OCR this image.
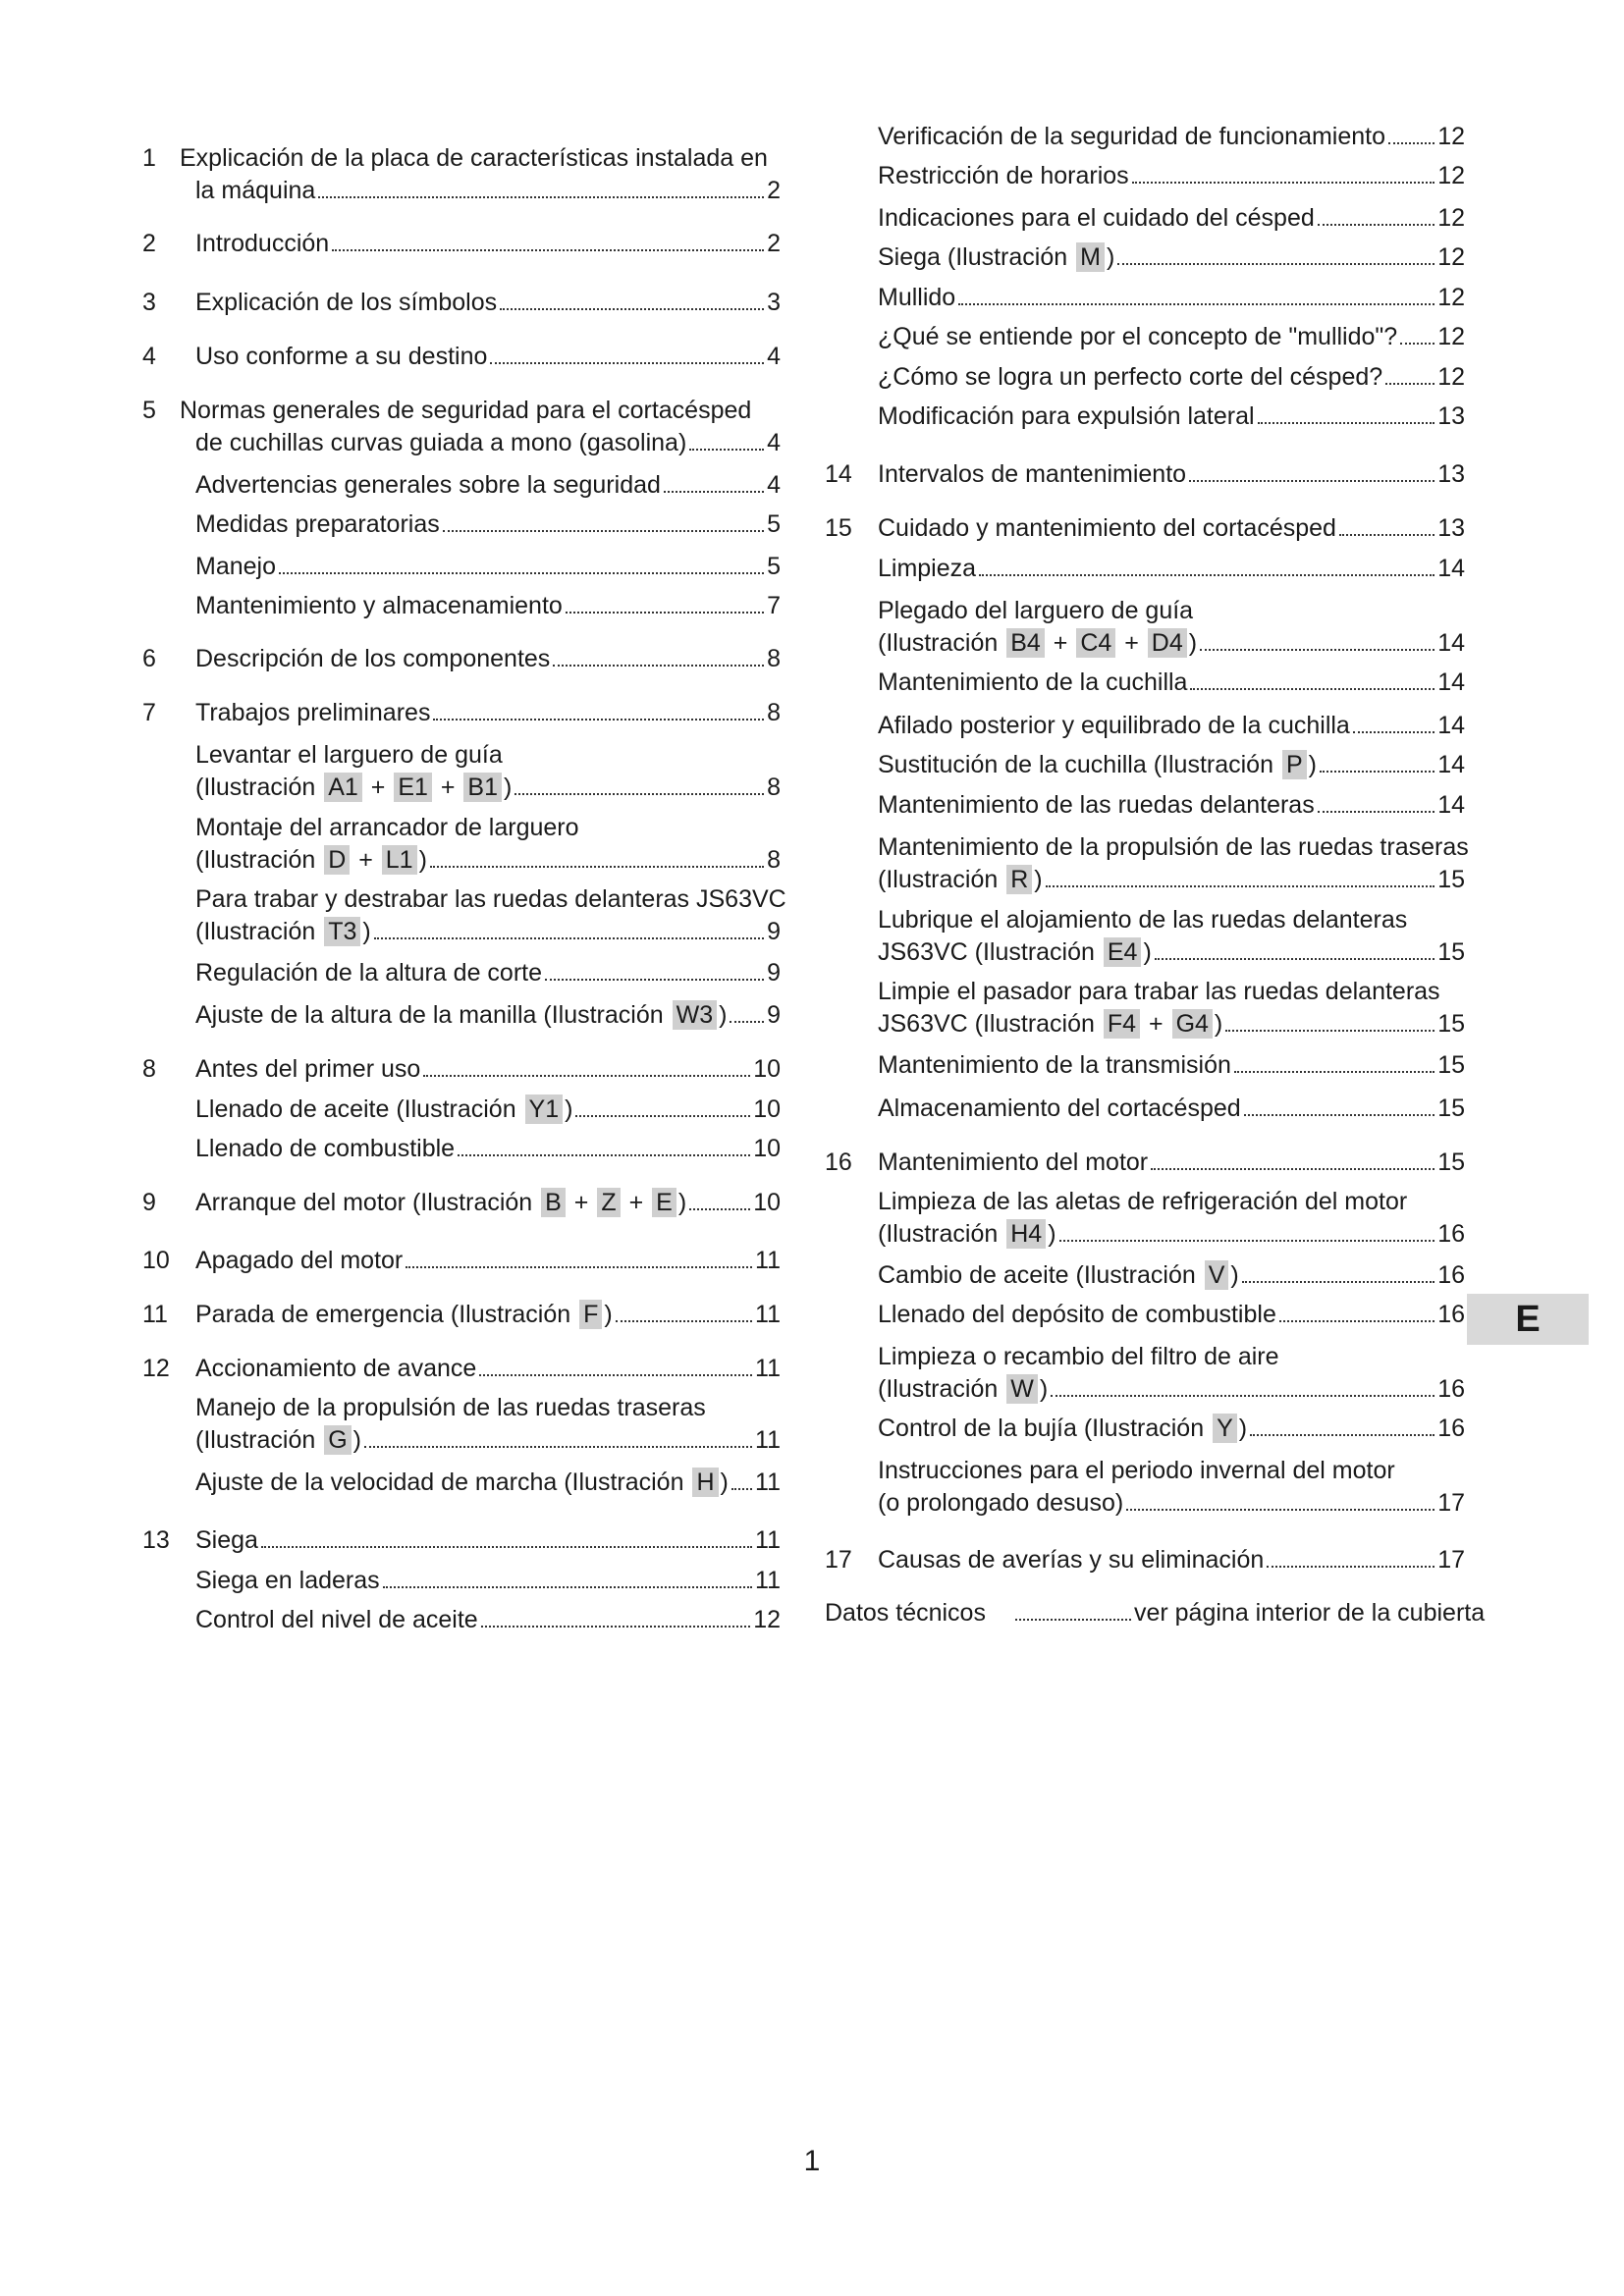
1 Explicación de la placa de características instalada en
la máquina	2
2 Introducción	2
3 Explicación de los símbolos	3
4 Uso conforme a su destino	4
5 Normas generales de seguridad para el cortacésped
de cuchillas curvas guiada a mono (gasolina)	4
Advertencias generales sobre la seguridad	4
Medidas preparatorias	5
Manejo	5
Mantenimiento y almacenamiento	7
6 Descripción de los componentes	8
7 Trabajos preliminares	8
Levantar el larguero de guía
(Ilustración A1 + E1 + B1 )	8
Montaje del arrancador de larguero
(Ilustración D + L1 )	8
Para trabar y destrabar las ruedas delanteras JS63VC
(Ilustración T3 )	9
Regulación de la altura de corte	9
Ajuste de la altura de la manilla (Ilustración W3 ) 9
8 Antes del primer uso	10
Llenado de aceite (Ilustración Y1 )	10
Llenado de combustible	10
9 Arranque del motor (Ilustración B + Z + E )	10
10 Apagado del motor	11
11 Parada de emergencia (Ilustración F )	11
12 Accionamiento de avance	11
Manejo de la propulsión de las ruedas traseras
(Ilustración G )	11
Ajuste de la velocidad de marcha (Ilustración H ) 11
13 Siega	11
Siega en laderas	11
Control del nivel de aceite	12
Verificación de la seguridad de funcionamiento 12
Restricción de horarios	12
Indicaciones para el cuidado del césped	12
Siega (Ilustración M )	12
Mullido	12
¿Qué se entiende por el concepto de "mullido"? 12
¿Cómo se logra un perfecto corte del césped? 12
Modificación para expulsión lateral	13
14 Intervalos de mantenimiento	13
15 Cuidado y mantenimiento del cortacésped	13
Limpieza	14
Plegado del larguero de guía
(Ilustración B4 + C4 + D4 )	14
Mantenimiento de la cuchilla	14
Afilado posterior y equilibrado de la cuchilla	14
Sustitución de la cuchilla (Ilustración P )	14
Mantenimiento de las ruedas delanteras	14
Mantenimiento de la propulsión de las ruedas traseras
(Ilustración R )	15
Lubrique el alojamiento de las ruedas delanteras
JS63VC (Ilustración E4 )	15
Limpie el pasador para trabar las ruedas delanteras
JS63VC (Ilustración F4 + G4 )	15
Mantenimiento de la transmisión	15
Almacenamiento del cortacésped	15
16 Mantenimiento del motor	15
Limpieza de las aletas de refrigeración del motor
(Ilustración H4 )	16
Cambio de aceite (Ilustración V )	16
Llenado del depósito de combustible	16
Limpieza o recambio del filtro de aire
(Ilustración W )	16
Control de la bujía (Ilustración Y )	16
Instrucciones para el periodo invernal del motor
(o prolongado desuso)	17
17 Causas de averías y su eliminación	17
Datos técnicos	ver página interior de la cubierta
E
1
